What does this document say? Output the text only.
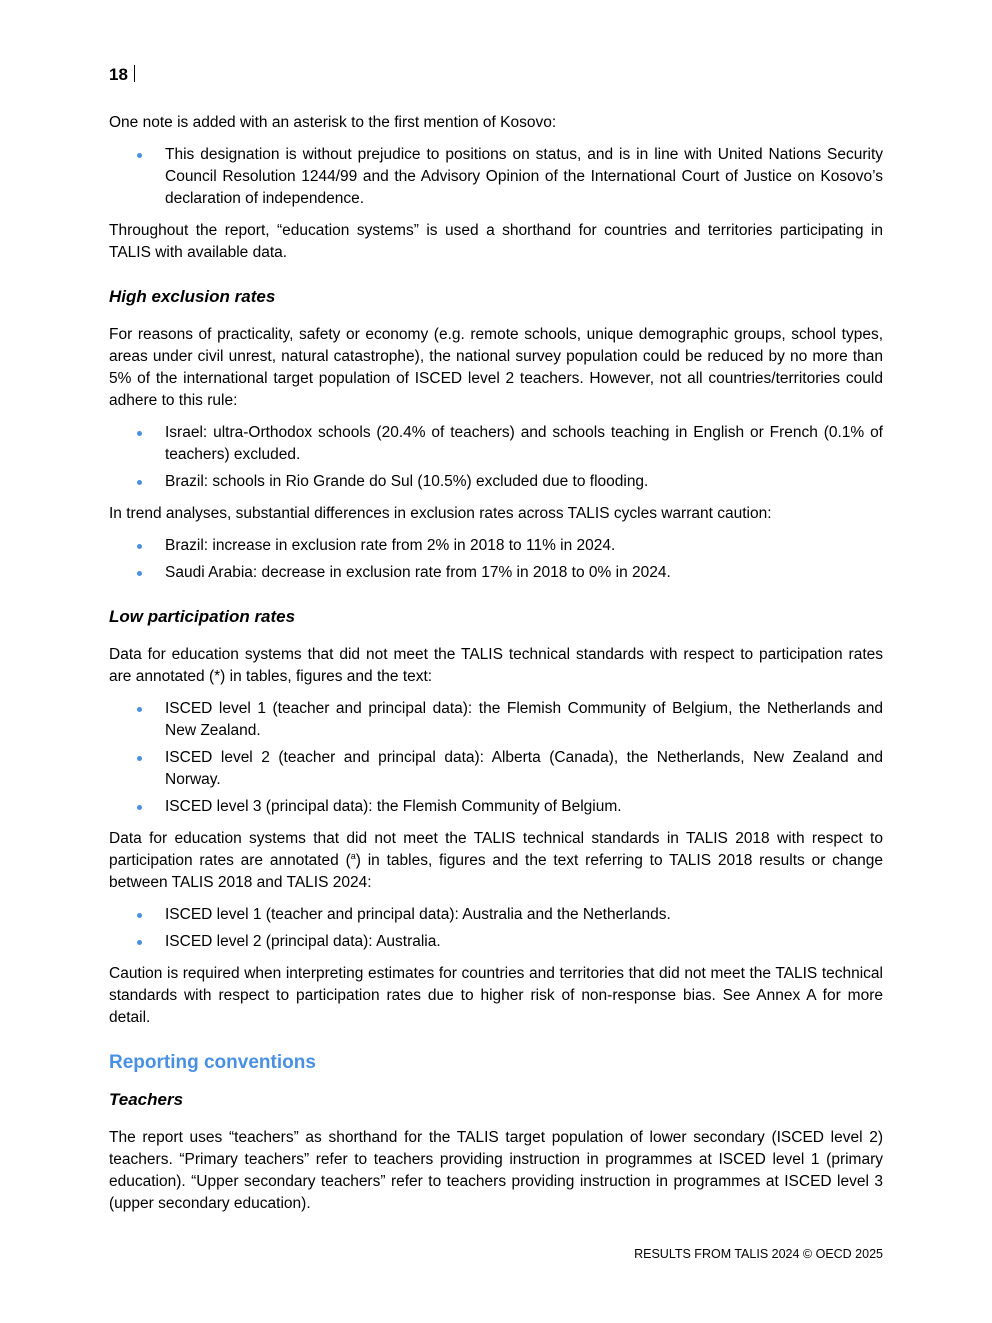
18

One note is added with an asterisk to the first mention of Kosovo:

This designation is without prejudice to positions on status, and is in line with United Nations Security Council Resolution 1244/99 and the Advisory Opinion of the International Court of Justice on Kosovo’s declaration of independence.

Throughout the report, “education systems” is used a shorthand for countries and territories participating in TALIS with available data.

High exclusion rates

For reasons of practicality, safety or economy (e.g. remote schools, unique demographic groups, school types, areas under civil unrest, natural catastrophe), the national survey population could be reduced by no more than 5% of the international target population of ISCED level 2 teachers. However, not all countries/territories could adhere to this rule:

Israel: ultra-Orthodox schools (20.4% of teachers) and schools teaching in English or French (0.1% of teachers) excluded.
Brazil: schools in Rio Grande do Sul (10.5%) excluded due to flooding.

In trend analyses, substantial differences in exclusion rates across TALIS cycles warrant caution:

Brazil: increase in exclusion rate from 2% in 2018 to 11% in 2024.
Saudi Arabia: decrease in exclusion rate from 17% in 2018 to 0% in 2024.
Low participation rates

Data for education systems that did not meet the TALIS technical standards with respect to participation rates are annotated (*) in tables, figures and the text:

ISCED level 1 (teacher and principal data): the Flemish Community of Belgium, the Netherlands and New Zealand.
ISCED level 2 (teacher and principal data): Alberta (Canada), the Netherlands, New Zealand and Norway.
ISCED level 3 (principal data): the Flemish Community of Belgium.

Data for education systems that did not meet the TALIS technical standards in TALIS 2018 with respect to participation rates are annotated ($^a$) in tables, figures and the text referring to TALIS 2018 results or change between TALIS 2018 and TALIS 2024:

ISCED level 1 (teacher and principal data): Australia and the Netherlands.
ISCED level 2 (principal data): Australia.

Caution is required when interpreting estimates for countries and territories that did not meet the TALIS technical standards with respect to participation rates due to higher risk of non-response bias. See Annex A for more detail.

Reporting conventions
Teachers

The report uses “teachers” as shorthand for the TALIS target population of lower secondary (ISCED level 2) teachers. “Primary teachers” refer to teachers providing instruction in programmes at ISCED level 1 (primary education). “Upper secondary teachers” refer to teachers providing instruction in programmes at ISCED level 3 (upper secondary education).

RESULTS FROM TALIS 2024 © OECD 2025
